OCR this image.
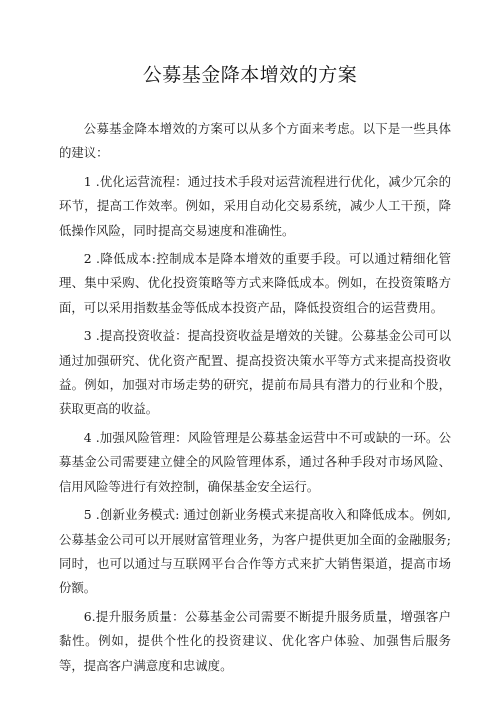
公募基金降本增效的方案

公募基金降本增效的方案可以从多个方面来考虑。以下是一些具体的建议：

1 .优化运营流程：通过技术手段对运营流程进行优化，减少冗余的环节，提高工作效率。例如，采用自动化交易系统，减少人工干预，降低操作风险，同时提高交易速度和准确性。

2 .降低成本:控制成本是降本增效的重要手段。可以通过精细化管理、集中采购、优化投资策略等方式来降低成本。例如，在投资策略方面，可以采用指数基金等低成本投资产品，降低投资组合的运营费用。

3 .提高投资收益：提高投资收益是增效的关键。公募基金公司可以通过加强研究、优化资产配置、提高投资决策水平等方式来提高投资收益。例如，加强对市场走势的研究，提前布局具有潜力的行业和个股，获取更高的收益。

4 .加强风险管理：风险管理是公募基金运营中不可或缺的一环。公募基金公司需要建立健全的风险管理体系，通过各种手段对市场风险、信用风险等进行有效控制，确保基金安全运行。

5 .创新业务模式: 通过创新业务模式来提高收入和降低成本。例如, 公募基金公司可以开展财富管理业务，为客户提供更加全面的金融服务; 同时，也可以通过与互联网平台合作等方式来扩大销售渠道，提高市场份额。

6.提升服务质量：公募基金公司需要不断提升服务质量，增强客户黏性。例如，提供个性化的投资建议、优化客户体验、加强售后服务等，提高客户满意度和忠诚度。
